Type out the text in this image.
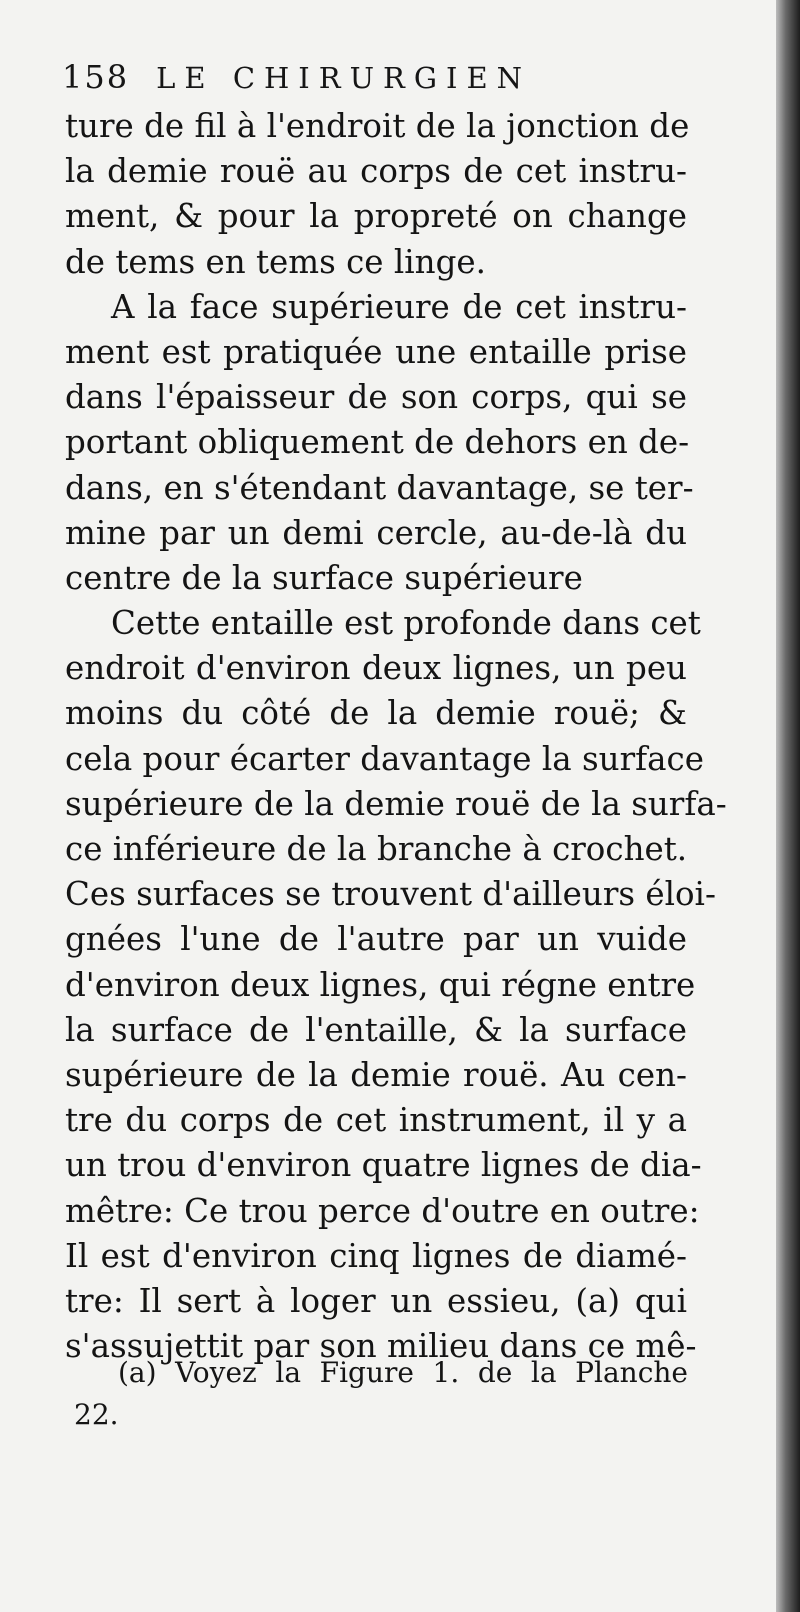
158 LE CHIRURGIEN
ture de fil à l'endroit de la jonction de
la demie rouë au corps de cet instru-
ment, & pour la propreté on change
de tems en tems ce linge.
A la face supérieure de cet instru-
ment est pratiquée une entaille prise
dans l'épaisseur de son corps, qui se
portant obliquement de dehors en de-
dans, en s'étendant davantage, se ter-
mine par un demi cercle, au-de-là du
centre de la surface supérieure
Cette entaille est profonde dans cet
endroit d'environ deux lignes, un peu
moins du côté de la demie rouë; &
cela pour écarter davantage la surface
supérieure de la demie rouë de la surfa-
ce inférieure de la branche à crochet.
Ces surfaces se trouvent d'ailleurs éloi-
gnées l'une de l'autre par un vuide
d'environ deux lignes, qui régne entre
la surface de l'entaille, & la surface
supérieure de la demie rouë. Au cen-
tre du corps de cet instrument, il y a
un trou d'environ quatre lignes de dia-
mêtre: Ce trou perce d'outre en outre:
Il est d'environ cinq lignes de diamé-
tre: Il sert à loger un essieu, (a) qui
s'assujettit par son milieu dans ce mê-
(a) Voyez la Figure 1. de la Planche
22.
